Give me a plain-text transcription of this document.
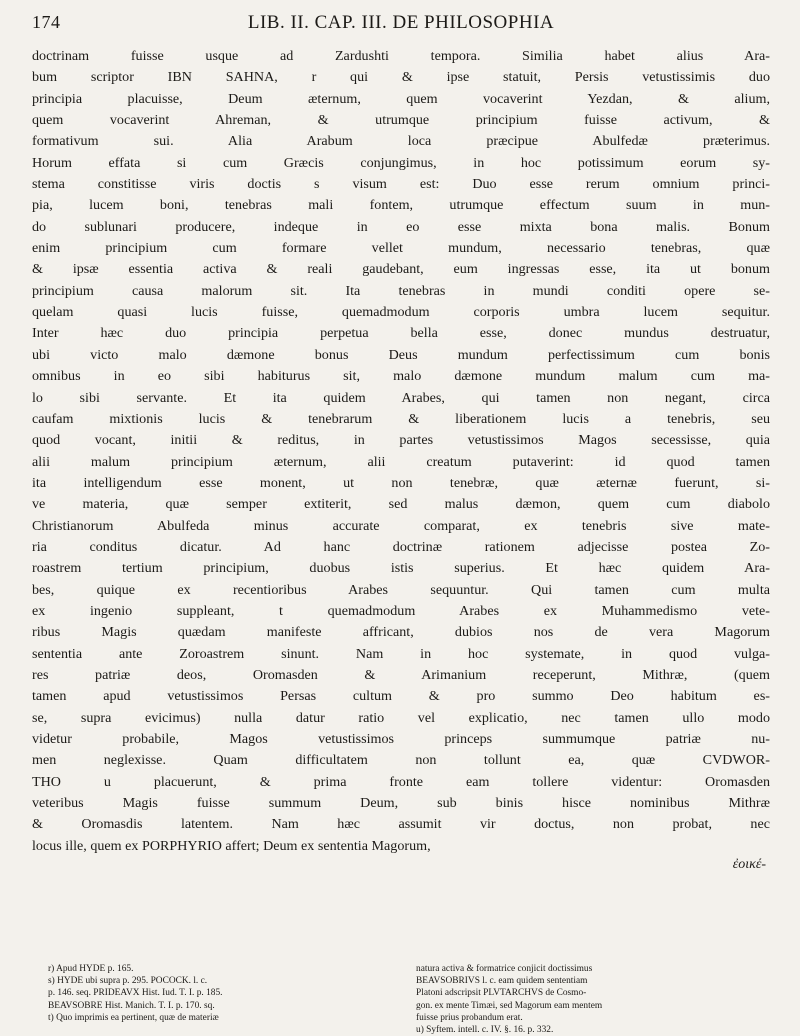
174	LIB. II. CAP. III. DE PHILOSOPHIA
doctrinam fuisse usque ad Zardushti tempora. Similia habet alius Ara-
bum scriptor IBN SAHNA, r qui & ipse statuit, Persis vetustissimis duo
principia placuisse, Deum æternum, quem vocaverint Yezdan, & alium,
quem vocaverint Ahreman, & utrumque principium fuisse activum, &
formativum sui. Alia Arabum loca præcipue Abulfedæ præterimus.
Horum effata si cum Græcis conjungimus, in hoc potissimum eorum sy-
stema constitisse viris doctis s visum est: Duo esse rerum omnium princi-
pia, lucem boni, tenebras mali fontem, utrumque effectum suum in mun-
do sublunari producere, indeque in eo esse mixta bona malis. Bonum
enim principium cum formare vellet mundum, necessario tenebras, quæ
& ipsæ essentia activa & reali gaudebant, eum ingressas esse, ita ut bonum
principium causa malorum sit. Ita tenebras in mundi conditi opere se-
quelam quasi lucis fuisse, quemadmodum corporis umbra lucem sequitur.
Inter hæc duo principia perpetua bella esse, donec mundus destruatur,
ubi victo malo dæmone bonus Deus mundum perfectissimum cum bonis
omnibus in eo sibi habiturus sit, malo dæmone mundum malum cum ma-
lo sibi servante. Et ita quidem Arabes, qui tamen non negant, circa
caufam mixtionis lucis & tenebrarum & liberationem lucis a tenebris, seu
quod vocant, initii & reditus, in partes vetustissimos Magos secessisse, quia
alii malum principium æternum, alii creatum putaverint: id quod tamen
ita intelligendum esse monent, ut non tenebræ, quæ æternæ fuerunt, si-
ve materia, quæ semper extiterit, sed malus dæmon, quem cum diabolo
Christianorum Abulfeda minus accurate comparat, ex tenebris sive mate-
ria conditus dicatur. Ad hanc doctrinæ rationem adjecisse postea Zo-
roastrem tertium principium, duobus istis superius. Et hæc quidem Ara-
bes, quique ex recentioribus Arabes sequuntur. Qui tamen cum multa
ex ingenio suppleant, t quemadmodum Arabes ex Muhammedismo vete-
ribus Magis quædam manifeste affricant, dubios nos de vera Magorum
sententia ante Zoroastrem sinunt. Nam in hoc systemate, in quod vulga-
res patriæ deos, Oromasden & Arimanium receperunt, Mithræ, (quem
tamen apud vetustissimos Persas cultum & pro summo Deo habitum es-
se, supra evicimus) nulla datur ratio vel explicatio, nec tamen ullo modo
videtur probabile, Magos vetustissimos princeps summumque patriæ nu-
men neglexisse. Quam difficultatem non tollunt ea, quæ CVDWOR-
THO u placuerunt, & prima fronte eam tollere videntur: Oromasden
veteribus Magis fuisse summum Deum, sub binis hisce nominibus Mithræ
& Oromasdis latentem. Nam hæc assumit vir doctus, non probat, nec
locus ille, quem ex PORPHYRIO affert; Deum ex sententia Magorum,
ἐοικέ-
r) Apud HYDE p. 165.
s) HYDE ubi supra p. 295. POCOCK. l. c.
p. 146. seq. PRIDEAVX Hist. Iud. T. I. p. 185.
BEAVSOBRE Hist. Manich. T. I. p. 170. sq.
t) Quo imprimis ea pertinent, quæ de materiæ
natura activa & formatrice conjicit doctissimus
BEAVSOBRIVS l. c. eam quidem sententiam
Platoni adscripsit PLVTARCHVS de Cosmo-
gon. ex mente Timæi, sed Magorum eam mentem
fuisse prius probandum erat.
u) Syftem. intell. c. IV. §. 16. p. 332.
